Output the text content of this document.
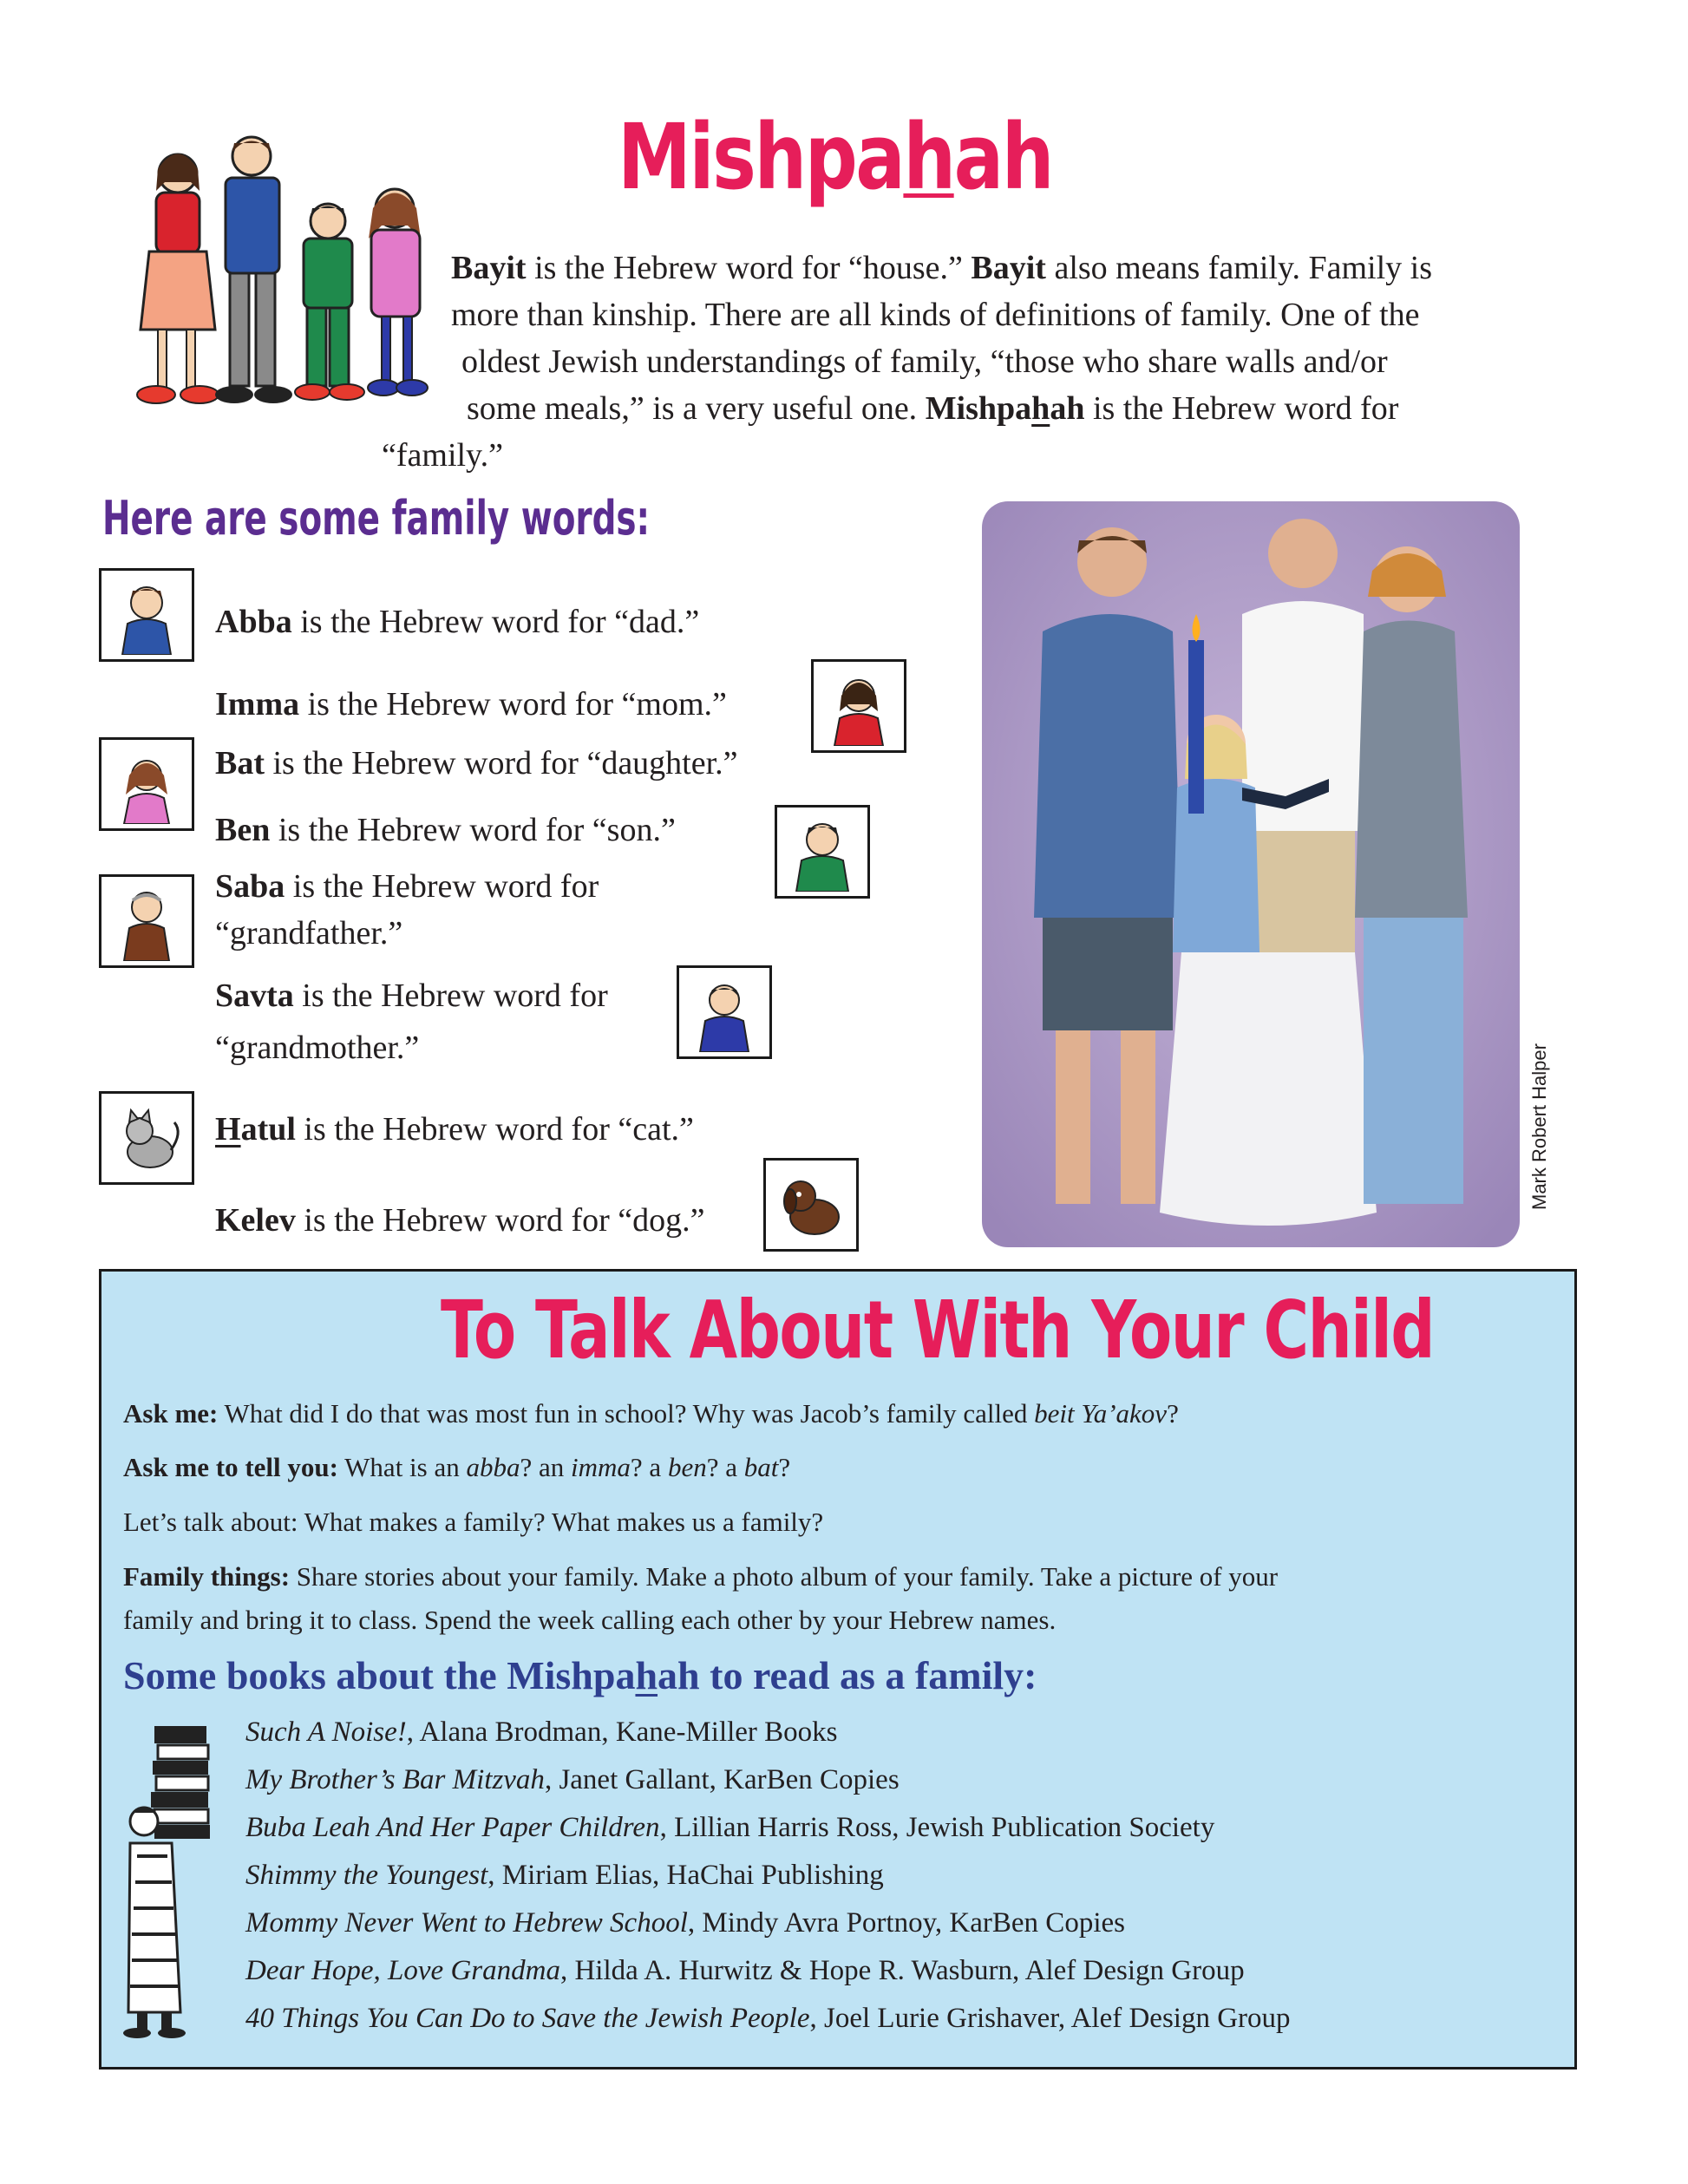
Mishpahah
Bayit is the Hebrew word for “house.” Bayit also means family. Family is
more than kinship. There are all kinds of definitions of family. One of the
oldest Jewish understandings of family, “those who share walls and/or
some meals,” is a very useful one. Mishpahah is the Hebrew word for
“family.”
Here are some family words:
Abba is the Hebrew word for “dad.”
Imma is the Hebrew word for “mom.”
Bat is the Hebrew word for “daughter.”
Ben is the Hebrew word for “son.”
Saba is the Hebrew word for
“grandfather.”
Savta is the Hebrew word for
“grandmother.”
Hatul is the Hebrew word for “cat.”
Kelev is the Hebrew word for “dog.”
Mark Robert Halper
To Talk About With Your Child
Ask me: What did I do that was most fun in school? Why was Jacob’s family called beit Ya’akov?
Ask me to tell you: What is an abba? an imma? a ben? a bat?
Let’s talk about: What makes a family? What makes us a family?
Family things: Share stories about your family. Make a photo album of your family. Take a picture of your
family and bring it to class. Spend the week calling each other by your Hebrew names.
Some books about the Mishpahah to read as a family:
Such A Noise!, Alana Brodman, Kane-Miller Books
My Brother’s Bar Mitzvah, Janet Gallant, KarBen Copies
Buba Leah And Her Paper Children, Lillian Harris Ross, Jewish Publication Society
Shimmy the Youngest, Miriam Elias, HaChai Publishing
Mommy Never Went to Hebrew School, Mindy Avra Portnoy, KarBen Copies
Dear Hope, Love Grandma, Hilda A. Hurwitz & Hope R. Wasburn, Alef Design Group
40 Things You Can Do to Save the Jewish People, Joel Lurie Grishaver, Alef Design Group
